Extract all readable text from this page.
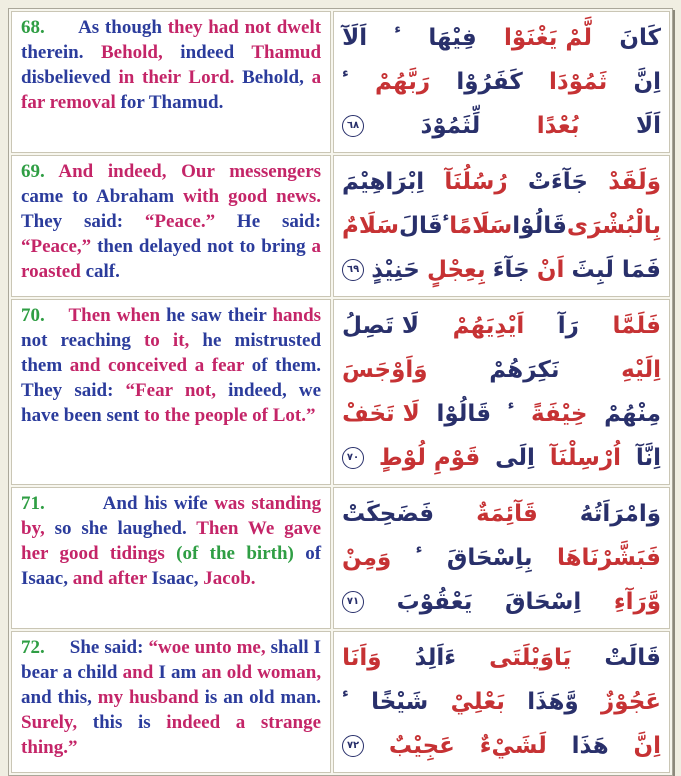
68.      As though they had not dwelt therein. Behold, indeed Thamud disbelieved in their Lord. Behold, a far removal for Thamud.

كَانَ
لَّمْ يَغْنَوْا
فِيْهَا
ء
اَلَآ
اِنَّ
ثَمُوْدَا
كَفَرُوْا
رَبَّهُمْ
ء
اَلَا
بُعْدًا
لِّثَمُوْدَ
٦٨

69. And indeed, Our messengers came to Abraham with good news. They said: “Peace.” He said: “Peace,” then delayed not to bring a roasted calf.

وَلَقَدْ
جَآءَتْ
رُسُلُنَآ
اِبْرَاهِيْمَ
بِالْبُشْرَى
قَالُوْا
سَلَامًا
ء
قَالَ
سَلَامٌ
فَمَا لَبِثَ
اَنْ
جَآءَ
بِعِجْلٍ
حَنِيْذٍ
٦٩

70.    Then when he saw their hands not reaching to it, he mistrusted them and conceived a fear of them. They said: “Fear not, indeed, we have been sent to the people of Lot.”

فَلَمَّا
رَآ
اَيْدِيَهُمْ
لَا تَصِلُ
اِلَيْهِ
نَكِرَهُمْ
وَاَوْجَسَ
مِنْهُمْ
خِيْفَةً
ء
قَالُوْا
لَا تَخَفْ
اِنَّآ
اُرْسِلْنَآ
اِلَى
قَوْمِ لُوْطٍ
٧٠

71.         And his wife was standing by, so she laughed. Then We gave her good tidings (of the birth) of Isaac, and after Isaac, Jacob.

وَامْرَاَتُهُ
قَآئِمَةٌ
فَضَحِكَتْ
فَبَشَّرْنَاهَا
بِاِسْحَاقَ
ء
وَمِنْ
وَّرَآءِ
اِسْحَاقَ
يَعْقُوْبَ
٧١

72.     She said: “woe unto me, shall I bear a child and I am an old woman, and this, my husband is an old man. Surely, this is indeed a strange thing.”

قَالَتْ
يَاوَيْلَتَى
ءَاَلِدُ
وَاَنَا
عَجُوْزٌ
وَّهَذَا
بَعْلِيْ
شَيْخًا
ء
اِنَّ
هَذَا
لَشَيْءٌ
عَجِيْبٌ
٧٢
